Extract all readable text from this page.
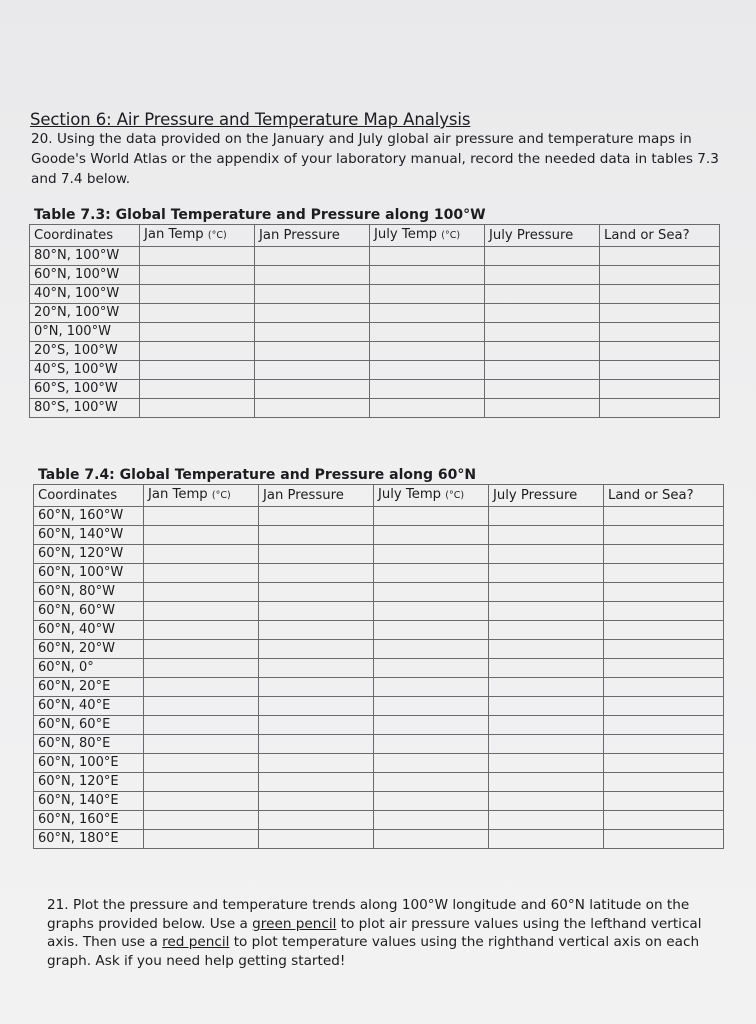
Section 6: Air Pressure and Temperature Map Analysis

20. Using the data provided on the January and July global air pressure and temperature maps in Goode's World Atlas or the appendix of your laboratory manual, record the needed data in tables 7.3 and 7.4 below.

Table 7.3: Global Temperature and Pressure along 100°W
Coordinates	Jan Temp (°C)	Jan Pressure	July Temp (°C)	July Pressure	Land or Sea?
80°N, 100°W					
60°N, 100°W					
40°N, 100°W					
20°N, 100°W					
0°N, 100°W					
20°S, 100°W					
40°S, 100°W					
60°S, 100°W					
80°S, 100°W					
Table 7.4: Global Temperature and Pressure along 60°N
Coordinates	Jan Temp (°C)	Jan Pressure	July Temp (°C)	July Pressure	Land or Sea?
60°N, 160°W					
60°N, 140°W					
60°N, 120°W					
60°N, 100°W					
60°N, 80°W					
60°N, 60°W					
60°N, 40°W					
60°N, 20°W					
60°N, 0°					
60°N, 20°E					
60°N, 40°E					
60°N, 60°E					
60°N, 80°E					
60°N, 100°E					
60°N, 120°E					
60°N, 140°E					
60°N, 160°E					
60°N, 180°E					

21. Plot the pressure and temperature trends along 100°W longitude and 60°N latitude on the graphs provided below. Use a green pencil to plot air pressure values using the lefthand vertical axis. Then use a red pencil to plot temperature values using the righthand vertical axis on each graph. Ask if you need help getting started!
